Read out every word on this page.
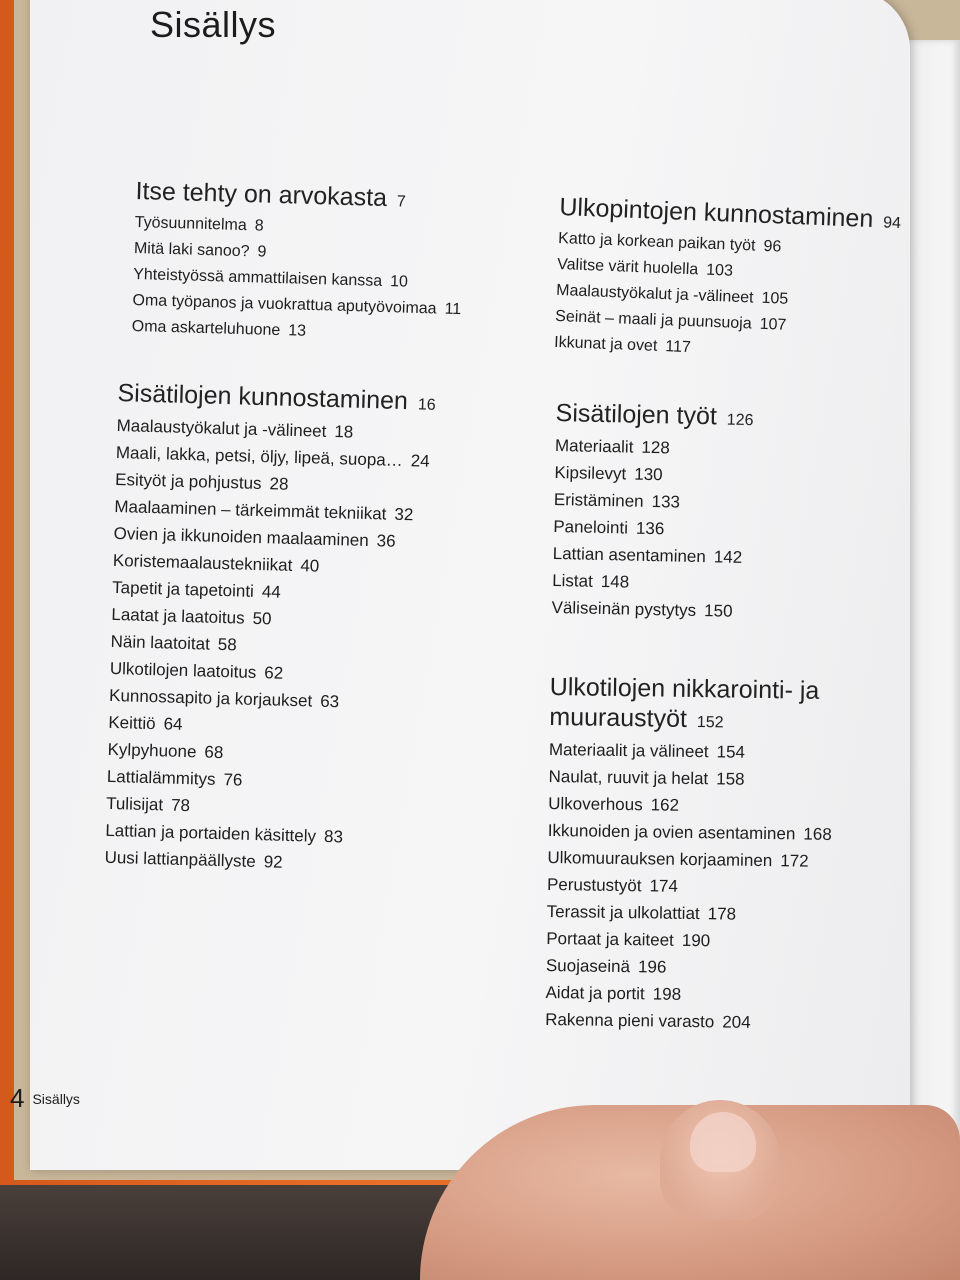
Sisällys
Itse tehty on arvokasta 7
Työsuunnitelma 8
Mitä laki sanoo? 9
Yhteistyössä ammattilaisen kanssa 10
Oma työpanos ja vuokrattua aputyövoimaa 11
Oma askarteluhuone 13
Sisätilojen kunnostaminen 16
Maalaustyökalut ja -välineet 18
Maali, lakka, petsi, öljy, lipeä, suopa… 24
Esityöt ja pohjustus 28
Maalaaminen – tärkeimmät tekniikat 32
Ovien ja ikkunoiden maalaaminen 36
Koristemaalaustekniikat 40
Tapetit ja tapetointi 44
Laatat ja laatoitus 50
Näin laatoitat 58
Ulkotilojen laatoitus 62
Kunnossapito ja korjaukset 63
Keittiö 64
Kylpyhuone 68
Lattialämmitys 76
Tulisijat 78
Lattian ja portaiden käsittely 83
Uusi lattianpäällyste 92
Ulkopintojen kunnostaminen 94
Katto ja korkean paikan työt 96
Valitse värit huolella 103
Maalaustyökalut ja -välineet 105
Seinät – maali ja puunsuoja 107
Ikkunat ja ovet 117
Sisätilojen työt 126
Materiaalit 128
Kipsilevyt 130
Eristäminen 133
Panelointi 136
Lattian asentaminen 142
Listat 148
Väliseinän pystytys 150
Ulkotilojen nikkarointi- ja muuraustyöt 152
Materiaalit ja välineet 154
Naulat, ruuvit ja helat 158
Ulkoverhous 162
Ikkunoiden ja ovien asentaminen 168
Ulkomuurauksen korjaaminen 172
Perustustyöt 174
Terassit ja ulkolattiat 178
Portaat ja kaiteet 190
Suojaseinä 196
Aidat ja portit 198
Rakenna pieni varasto 204
4 Sisällys
